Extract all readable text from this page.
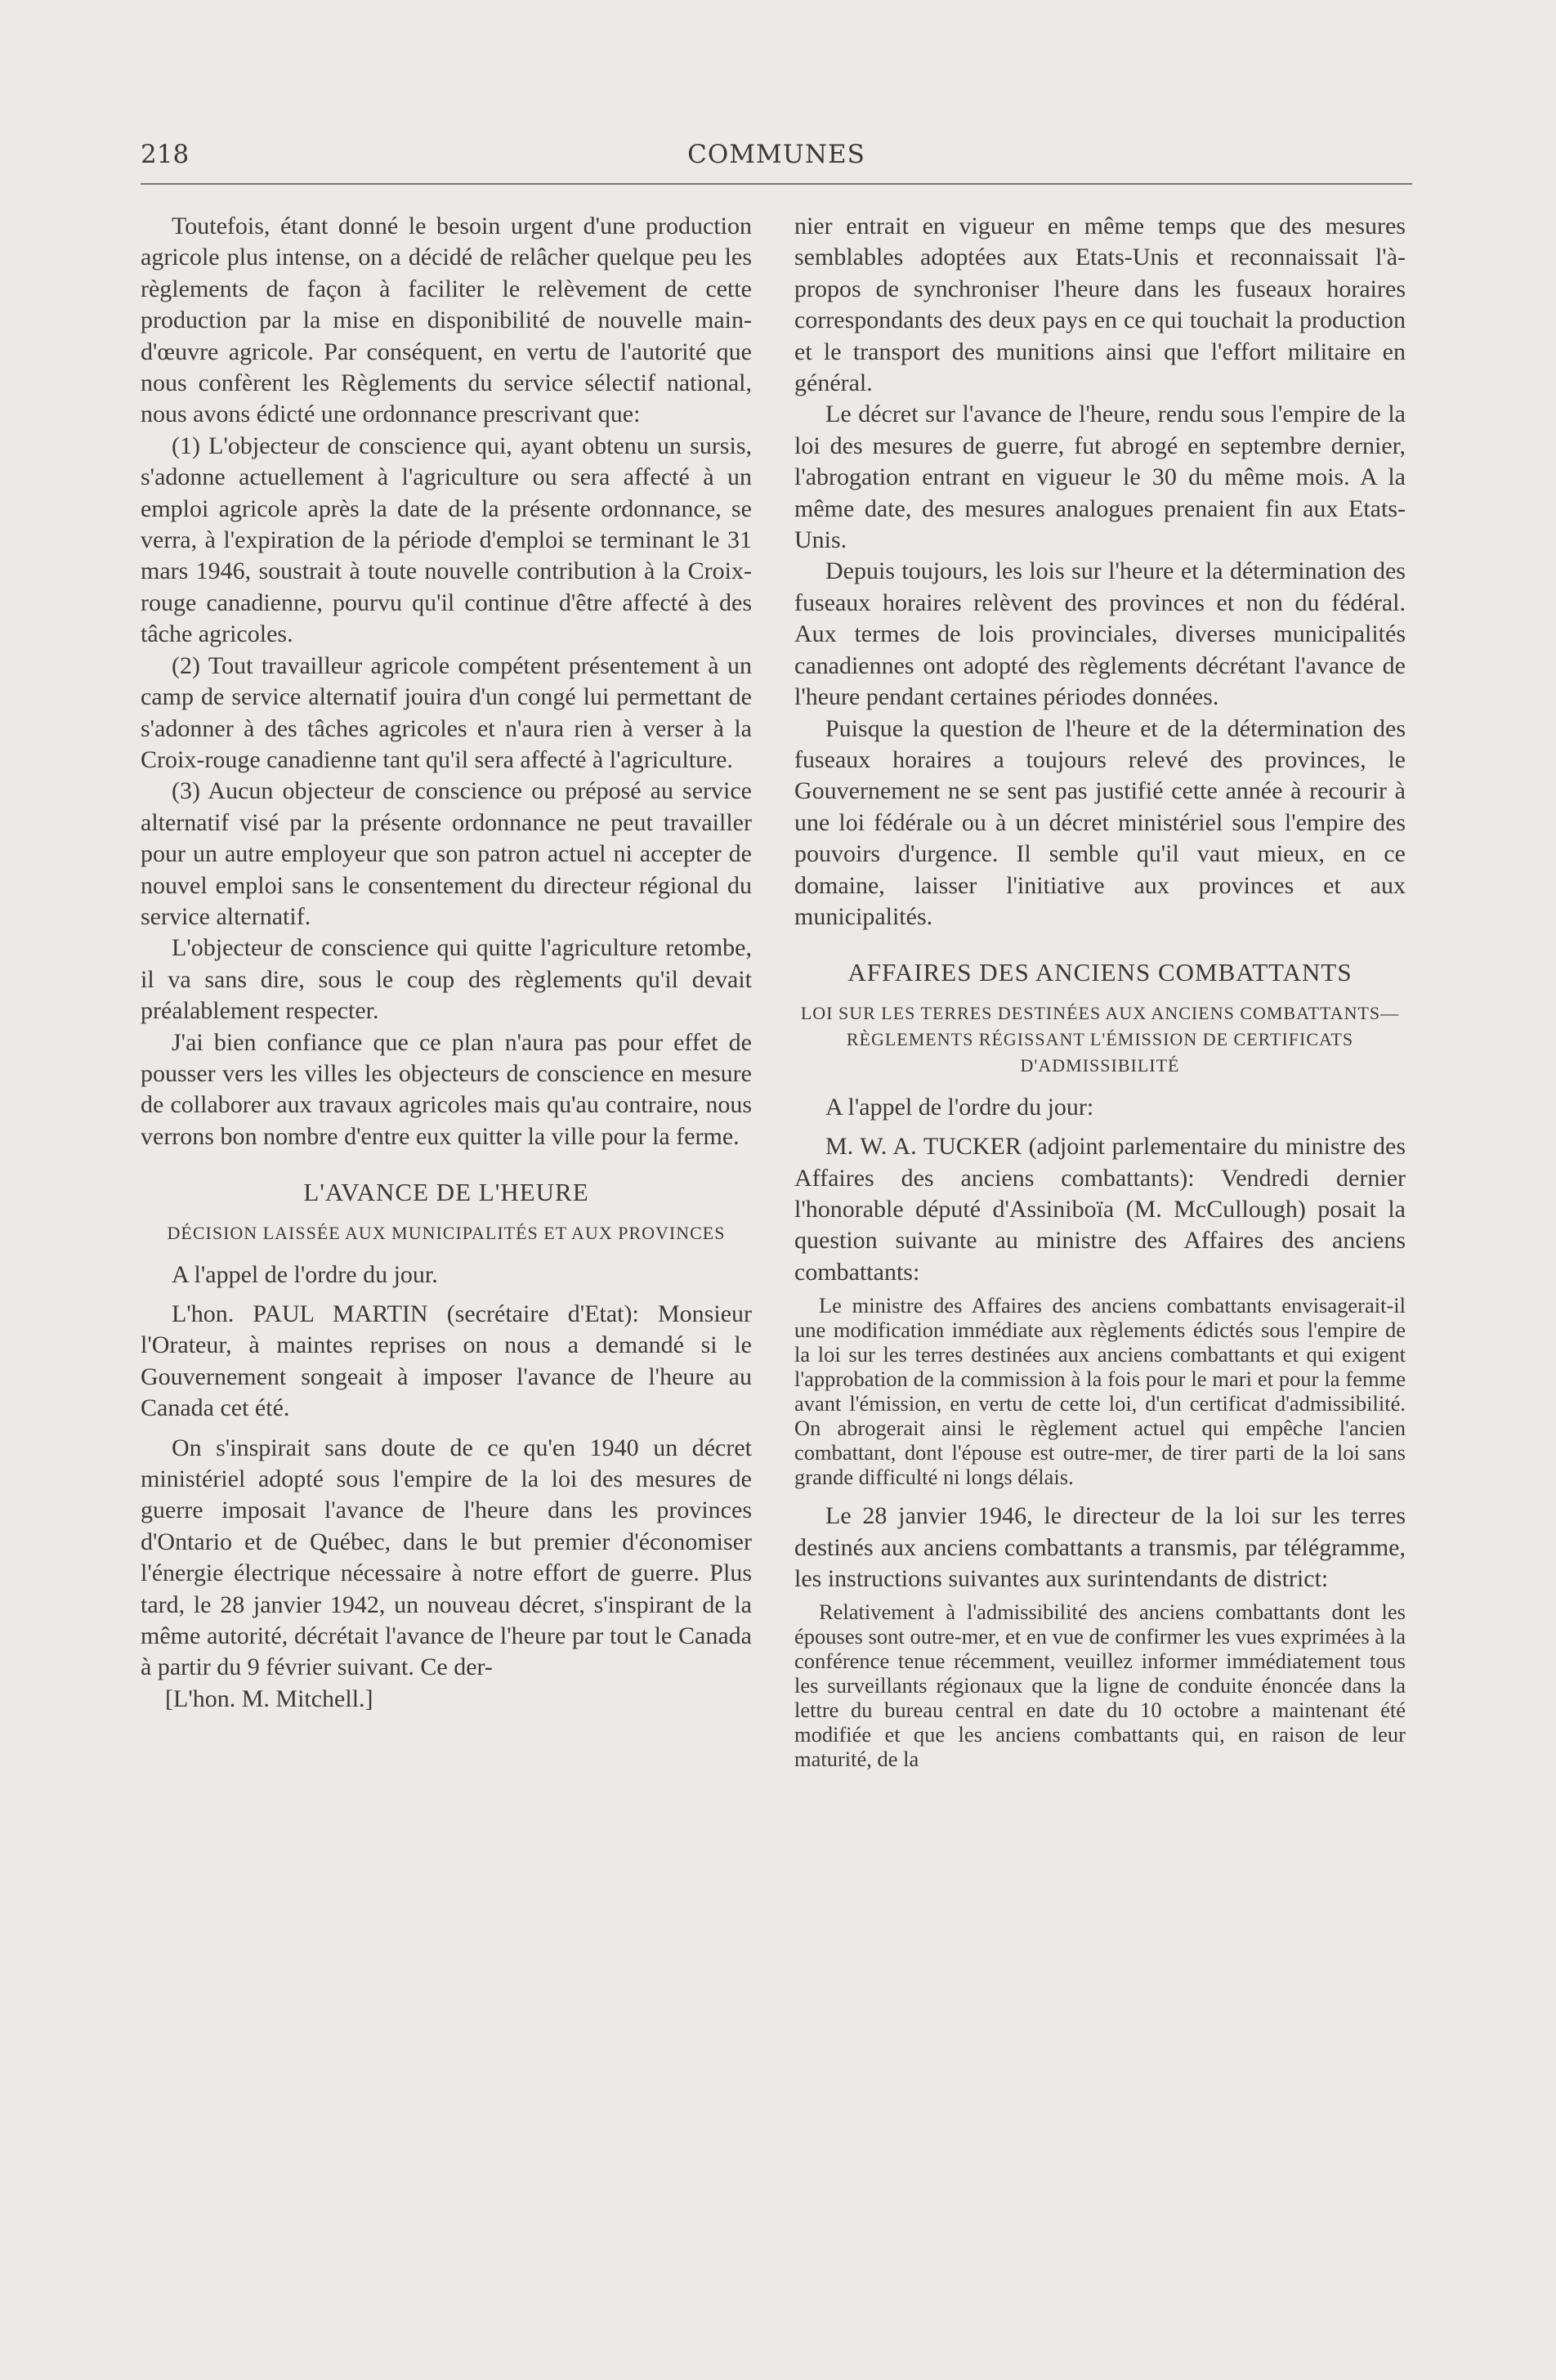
218	COMMUNES

Toutefois, étant donné le besoin urgent d'une production agricole plus intense, on a décidé de relâcher quelque peu les règlements de façon à faciliter le relèvement de cette production par la mise en disponibilité de nouvelle main-d'œuvre agricole. Par conséquent, en vertu de l'autorité que nous confèrent les Règlements du service sélectif national, nous avons édicté une ordonnance prescrivant que:

(1) L'objecteur de conscience qui, ayant obtenu un sursis, s'adonne actuellement à l'agriculture ou sera affecté à un emploi agricole après la date de la présente ordonnance, se verra, à l'expiration de la période d'emploi se terminant le 31 mars 1946, soustrait à toute nouvelle contribution à la Croix-rouge canadienne, pourvu qu'il continue d'être affecté à des tâche agricoles.

(2) Tout travailleur agricole compétent présentement à un camp de service alternatif jouira d'un congé lui permettant de s'adonner à des tâches agricoles et n'aura rien à verser à la Croix-rouge canadienne tant qu'il sera affecté à l'agriculture.

(3) Aucun objecteur de conscience ou préposé au service alternatif visé par la présente ordonnance ne peut travailler pour un autre employeur que son patron actuel ni accepter de nouvel emploi sans le consentement du directeur régional du service alternatif.

L'objecteur de conscience qui quitte l'agriculture retombe, il va sans dire, sous le coup des règlements qu'il devait préalablement respecter.

J'ai bien confiance que ce plan n'aura pas pour effet de pousser vers les villes les objecteurs de conscience en mesure de collaborer aux travaux agricoles mais qu'au contraire, nous verrons bon nombre d'entre eux quitter la ville pour la ferme.

L'AVANCE DE L'HEURE
DÉCISION LAISSÉE AUX MUNICIPALITÉS ET AUX PROVINCES

A l'appel de l'ordre du jour.

L'hon. PAUL MARTIN (secrétaire d'Etat): Monsieur l'Orateur, à maintes reprises on nous a demandé si le Gouvernement songeait à imposer l'avance de l'heure au Canada cet été.

On s'inspirait sans doute de ce qu'en 1940 un décret ministériel adopté sous l'empire de la loi des mesures de guerre imposait l'avance de l'heure dans les provinces d'Ontario et de Québec, dans le but premier d'économiser l'énergie électrique nécessaire à notre effort de guerre. Plus tard, le 28 janvier 1942, un nouveau décret, s'inspirant de la même autorité, décrétait l'avance de l'heure par tout le Canada à partir du 9 février suivant. Ce der-

[L'hon. M. Mitchell.]

nier entrait en vigueur en même temps que des mesures semblables adoptées aux Etats-Unis et reconnaissait l'à-propos de synchroniser l'heure dans les fuseaux horaires correspondants des deux pays en ce qui touchait la production et le transport des munitions ainsi que l'effort militaire en général.

Le décret sur l'avance de l'heure, rendu sous l'empire de la loi des mesures de guerre, fut abrogé en septembre dernier, l'abrogation entrant en vigueur le 30 du même mois. A la même date, des mesures analogues prenaient fin aux Etats-Unis.

Depuis toujours, les lois sur l'heure et la détermination des fuseaux horaires relèvent des provinces et non du fédéral. Aux termes de lois provinciales, diverses municipalités canadiennes ont adopté des règlements décrétant l'avance de l'heure pendant certaines périodes données.

Puisque la question de l'heure et de la détermination des fuseaux horaires a toujours relevé des provinces, le Gouvernement ne se sent pas justifié cette année à recourir à une loi fédérale ou à un décret ministériel sous l'empire des pouvoirs d'urgence. Il semble qu'il vaut mieux, en ce domaine, laisser l'initiative aux provinces et aux municipalités.

AFFAIRES DES ANCIENS COMBATTANTS
LOI SUR LES TERRES DESTINÉES AUX ANCIENS COMBATTANTS—RÈGLEMENTS RÉGISSANT L'ÉMISSION DE CERTIFICATS D'ADMISSIBILITÉ

A l'appel de l'ordre du jour:

M. W. A. TUCKER (adjoint parlementaire du ministre des Affaires des anciens combattants): Vendredi dernier l'honorable député d'Assiniboïa (M. McCullough) posait la question suivante au ministre des Affaires des anciens combattants:

Le ministre des Affaires des anciens combattants envisagerait-il une modification immédiate aux règlements édictés sous l'empire de la loi sur les terres destinées aux anciens combattants et qui exigent l'approbation de la commission à la fois pour le mari et pour la femme avant l'émission, en vertu de cette loi, d'un certificat d'admissibilité. On abrogerait ainsi le règlement actuel qui empêche l'ancien combattant, dont l'épouse est outre-mer, de tirer parti de la loi sans grande difficulté ni longs délais.

Le 28 janvier 1946, le directeur de la loi sur les terres destinés aux anciens combattants a transmis, par télégramme, les instructions suivantes aux surintendants de district:

Relativement à l'admissibilité des anciens combattants dont les épouses sont outre-mer, et en vue de confirmer les vues exprimées à la conférence tenue récemment, veuillez informer immédiatement tous les surveillants régionaux que la ligne de conduite énoncée dans la lettre du bureau central en date du 10 octobre a maintenant été modifiée et que les anciens combattants qui, en raison de leur maturité, de la
